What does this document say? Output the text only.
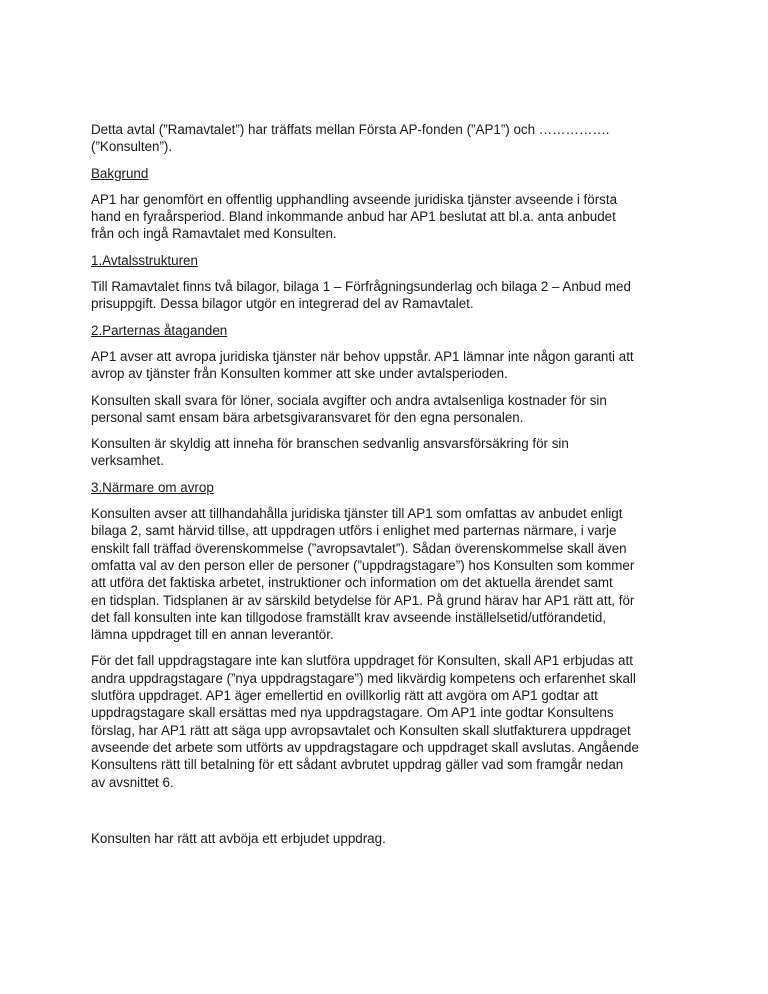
Detta avtal (”Ramavtalet”) har träffats mellan Första AP-fonden (”AP1”) och …………….
(”Konsulten”).

Bakgrund

AP1 har genomfört en offentlig upphandling avseende juridiska tjänster avseende i första
hand en fyraårsperiod. Bland inkommande anbud har AP1 beslutat att bl.a. anta anbudet
från och ingå Ramavtalet med Konsulten.

1.Avtalsstrukturen

Till Ramavtalet finns två bilagor, bilaga 1 – Förfrågningsunderlag och bilaga 2 – Anbud med
prisuppgift. Dessa bilagor utgör en integrerad del av Ramavtalet.

2.Parternas åtaganden

AP1 avser att avropa juridiska tjänster när behov uppstår. AP1 lämnar inte någon garanti att
avrop av tjänster från Konsulten kommer att ske under avtalsperioden.

Konsulten skall svara för löner, sociala avgifter och andra avtalsenliga kostnader för sin
personal samt ensam bära arbetsgivaransvaret för den egna personalen.

Konsulten är skyldig att inneha för branschen sedvanlig ansvarsförsäkring för sin
verksamhet.

3.Närmare om avrop

Konsulten avser att tillhandahålla juridiska tjänster till AP1 som omfattas av anbudet enligt
bilaga 2, samt härvid tillse, att uppdragen utförs i enlighet med parternas närmare, i varje
enskilt fall träffad överenskommelse (”avropsavtalet”). Sådan överenskommelse skall även
omfatta val av den person eller de personer (”uppdragstagare”) hos Konsulten som kommer
att utföra det faktiska arbetet, instruktioner och information om det aktuella ärendet samt
en tidsplan. Tidsplanen är av särskild betydelse för AP1. På grund härav har AP1 rätt att, för
det fall konsulten inte kan tillgodose framställt krav avseende inställelsetid/utförandetid,
lämna uppdraget till en annan leverantör.

För det fall uppdragstagare inte kan slutföra uppdraget för Konsulten, skall AP1 erbjudas att
andra uppdragstagare (”nya uppdragstagare”) med likvärdig kompetens och erfarenhet skall
slutföra uppdraget. AP1 äger emellertid en ovillkorlig rätt att avgöra om AP1 godtar att
uppdragstagare skall ersättas med nya uppdragstagare. Om AP1 inte godtar Konsultens
förslag, har AP1 rätt att säga upp avropsavtalet och Konsulten skall slutfakturera uppdraget
avseende det arbete som utförts av uppdragstagare och uppdraget skall avslutas. Angående
Konsultens rätt till betalning för ett sådant avbrutet uppdrag gäller vad som framgår nedan
av avsnittet 6.

Konsulten har rätt att avböja ett erbjudet uppdrag.
